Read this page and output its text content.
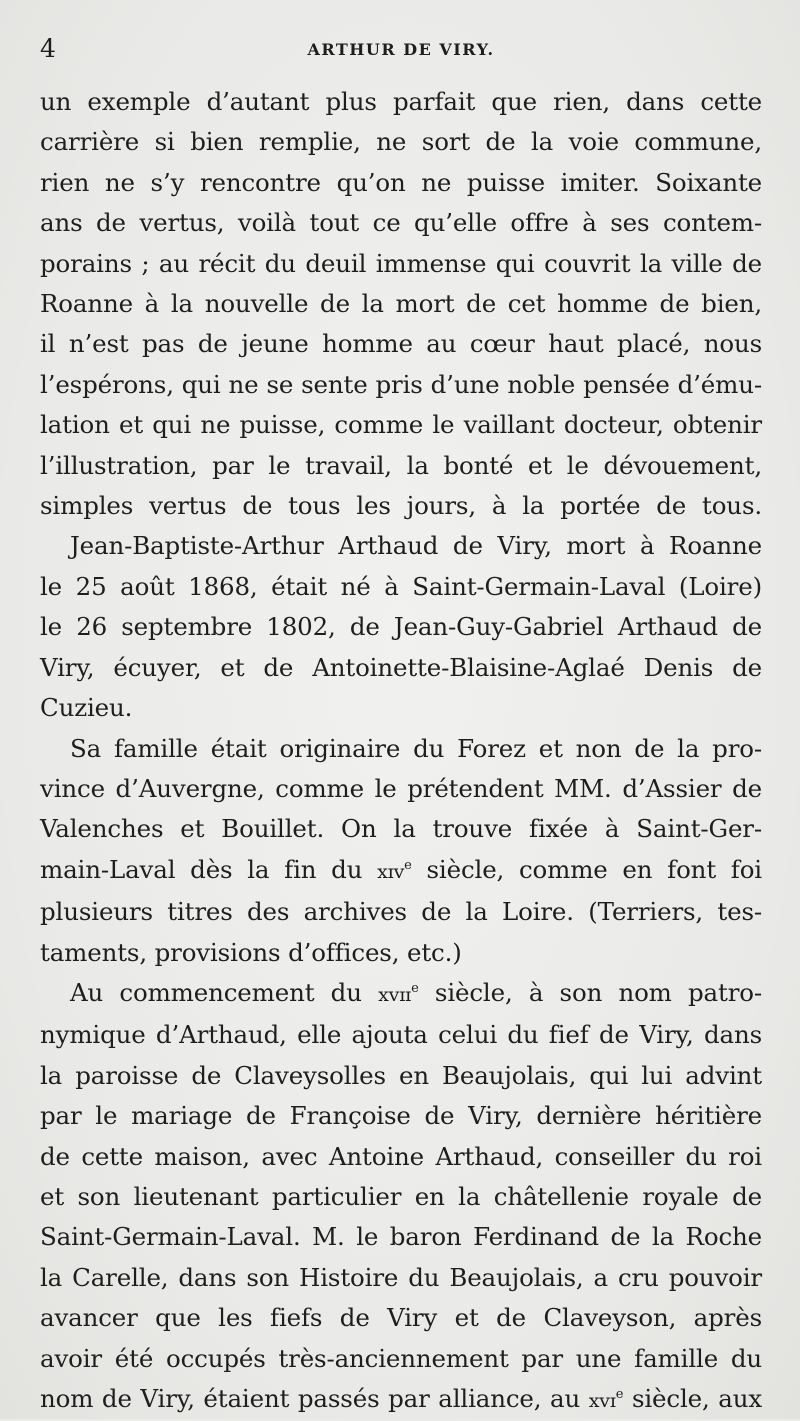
4	ARTHUR DE VIRY.

un exemple d’autant plus parfait que rien, dans cette
carrière si bien remplie, ne sort de la voie commune,
rien ne s’y rencontre qu’on ne puisse imiter. Soixante
ans de vertus, voilà tout ce qu’elle offre à ses contem-
porains ; au récit du deuil immense qui couvrit la ville de
Roanne à la nouvelle de la mort de cet homme de bien,
il n’est pas de jeune homme au cœur haut placé, nous
l’espérons, qui ne se sente pris d’une noble pensée d’ému-
lation et qui ne puisse, comme le vaillant docteur, obtenir
l’illustration, par le travail, la bonté et le dévouement,
simples vertus de tous les jours, à la portée de tous.

Jean-Baptiste-Arthur Arthaud de Viry, mort à Roanne
le 25 août 1868, était né à Saint-Germain-Laval (Loire)
le 26 septembre 1802, de Jean-Guy-Gabriel Arthaud de
Viry, écuyer, et de Antoinette-Blaisine-Aglaé Denis de
Cuzieu.

Sa famille était originaire du Forez et non de la pro-
vince d’Auvergne, comme le prétendent MM. d’Assier de
Valenches et Bouillet. On la trouve fixée à Saint-Ger-
main-Laval dès la fin du xɪᴠ$^e$ siècle, comme en font foi
plusieurs titres des archives de la Loire. (Terriers, tes-
taments, provisions d’offices, etc.)

Au commencement du xᴠɪɪ$^e$ siècle, à son nom patro-
nymique d’Arthaud, elle ajouta celui du fief de Viry, dans
la paroisse de Claveysolles en Beaujolais, qui lui advint
par le mariage de Françoise de Viry, dernière héritière
de cette maison, avec Antoine Arthaud, conseiller du roi
et son lieutenant particulier en la châtellenie royale de
Saint-Germain-Laval. M. le baron Ferdinand de la Roche
la Carelle, dans son Histoire du Beaujolais, a cru pouvoir
avancer que les fiefs de Viry et de Claveyson, après
avoir été occupés très-anciennement par une famille du
nom de Viry, étaient passés par alliance, au xᴠɪ$^e$ siècle, aux
